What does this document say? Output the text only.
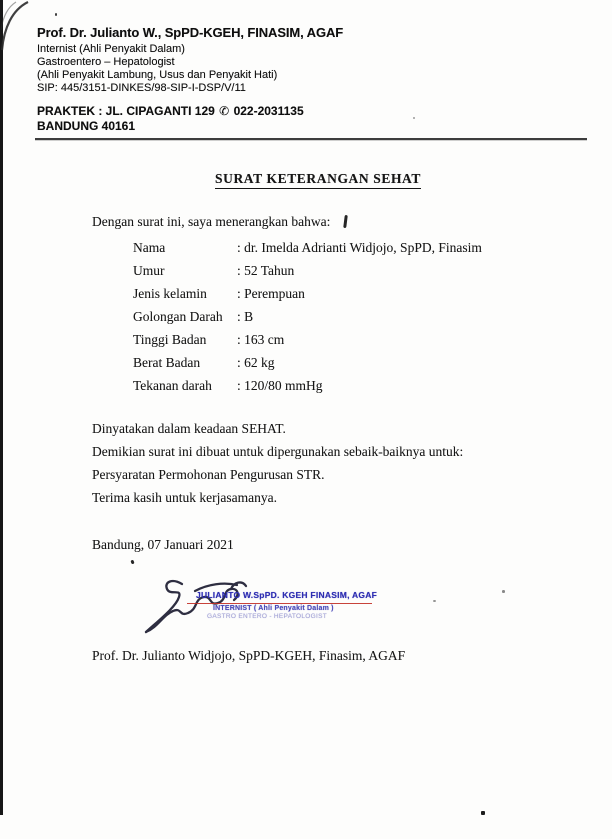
Prof. Dr. Julianto W., SpPD-KGEH, FINASIM, AGAF
Internist (Ahli Penyakit Dalam)
Gastroentero – Hepatologist
(Ahli Penyakit Lambung, Usus dan Penyakit Hati)
SIP: 445/3151-DINKES/98-SIP-I-DSP/V/11
PRAKTEK : JL. CIPAGANTI 129 ✆ 022-2031135
BANDUNG 40161
SURAT KETERANGAN SEHAT

Dengan surat ini, saya menerangkan bahwa:

Nama	: dr. Imelda Adrianti Widjojo, SpPD, Finasim
Umur	: 52 Tahun
Jenis kelamin : Perempuan
Golongan Darah : B
Tinggi Badan : 163 cm
Berat Badan	: 62 kg
Tekanan darah : 120/80 mmHg

Dinyatakan dalam keadaan SEHAT.

Demikian surat ini dibuat untuk dipergunakan sebaik-baiknya untuk:

Persyaratan Permohonan Pengurusan STR.

Terima kasih untuk kerjasamanya.

Bandung, 07 Januari 2021

JULIANTO W.SpPD. KGEH FINASIM, AGAF
INTERNIST ( Ahli Penyakit Dalam )
GASTRO ENTERO - HEPATOLOGIST

Prof. Dr. Julianto Widjojo, SpPD-KGEH, Finasim, AGAF
